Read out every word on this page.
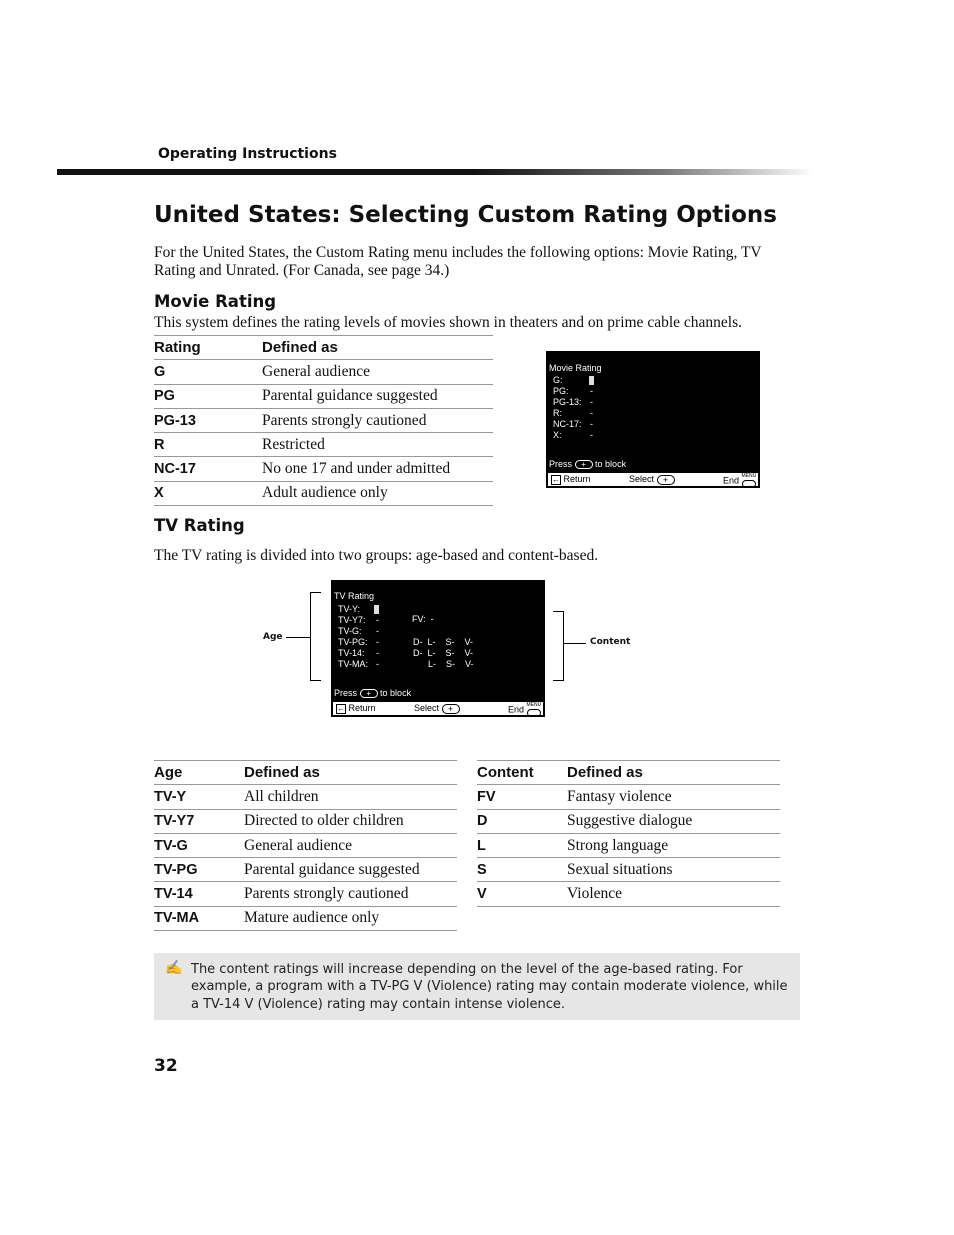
Operating Instructions
United States: Selecting Custom Rating Options
For the United States, the Custom Rating menu includes the following options: Movie Rating, TV Rating and Unrated. (For Canada, see page 34.)
Movie Rating
This system defines the rating levels of movies shown in theaters and on prime cable channels.
Rating	Defined as
G	General audience
PG	Parental guidance suggested
PG-13	Parents strongly cautioned
R	Restricted
NC-17	No one 17 and under admitted
X	Adult audience only
Movie Rating
G:
PG: -
PG-13: -
R:	-
NC-17: -
X:	-
Press + to block
← Return	Select +	End MENU
TV Rating
The TV rating is divided into two groups: age-based and content-based.
Age	Content
TV Rating
TV-Y:
TV-Y7: -	FV:  -
TV-G: -
TV-PG: -	D-  L-    S-    V-
TV-14: -	D-  L-    S-    V-
TV-MA: -	L-    S-    V-
Press + to block
← Return	Select +	End MENU
Age	Defined as
TV-Y	All children
TV-Y7	Directed to older children
TV-G	General audience
TV-PG	Parental guidance suggested
TV-14	Parents strongly cautioned
TV-MA	Mature audience only
Content	Defined as
FV	Fantasy violence
D	Suggestive dialogue
L	Strong language
S	Sexual situations
V	Violence
✍ The content ratings will increase depending on the level of the age-based rating. For example, a program with a TV-PG V (Violence) rating may contain moderate violence, while a TV-14 V (Violence) rating may contain intense violence.
32
